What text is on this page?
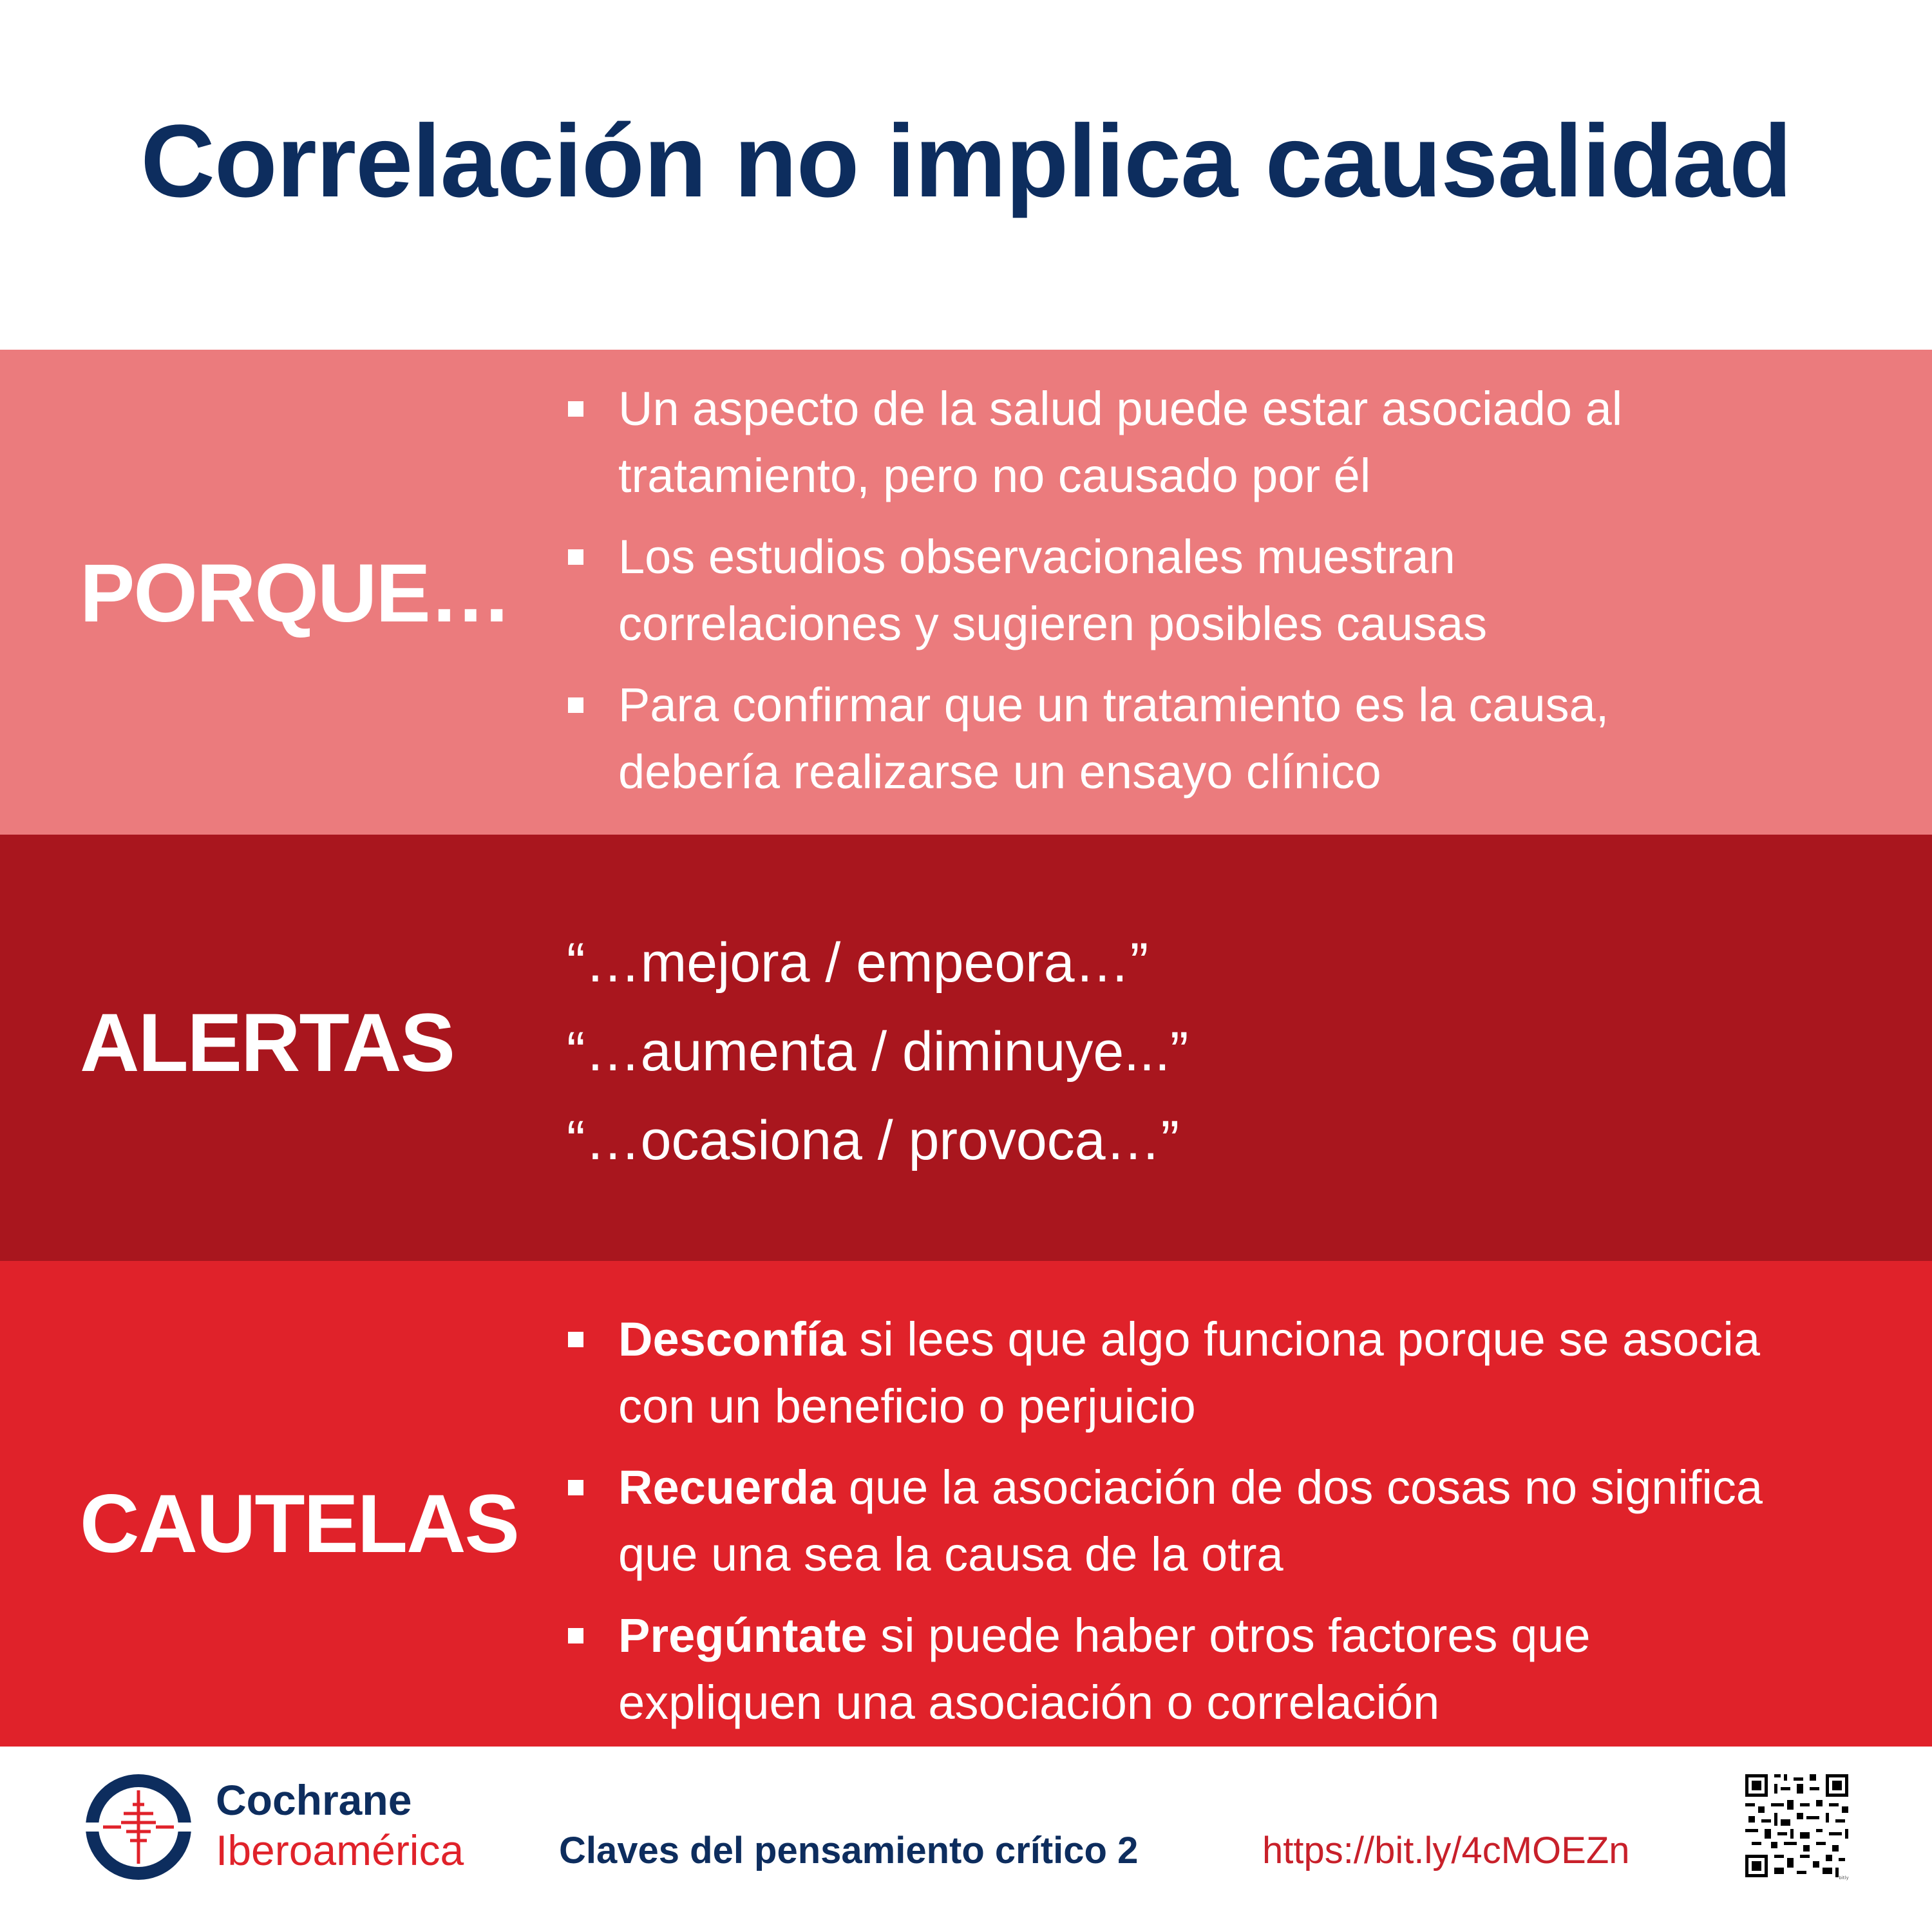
Correlación no implica causalidad
PORQUE…
Un aspecto de la salud puede estar asociado al
tratamiento, pero no causado por él
Los estudios observacionales muestran
correlaciones y sugieren posibles causas
Para confirmar que un tratamiento es la causa,
debería realizarse un ensayo clínico
ALERTAS
“…mejora / empeora…”
“…aumenta / diminuye...”
“…ocasiona / provoca…”
CAUTELAS
Desconfía si lees que algo funciona porque se asocia
con un beneficio o perjuicio
Recuerda que la asociación de dos cosas no significa
que una sea la causa de la otra
Pregúntate si puede haber otros factores que
expliquen una asociación o correlación
Cochrane
Iberoamérica	Claves del pensamiento crítico 2	https://bit.ly/4cMOEZn
bitly
